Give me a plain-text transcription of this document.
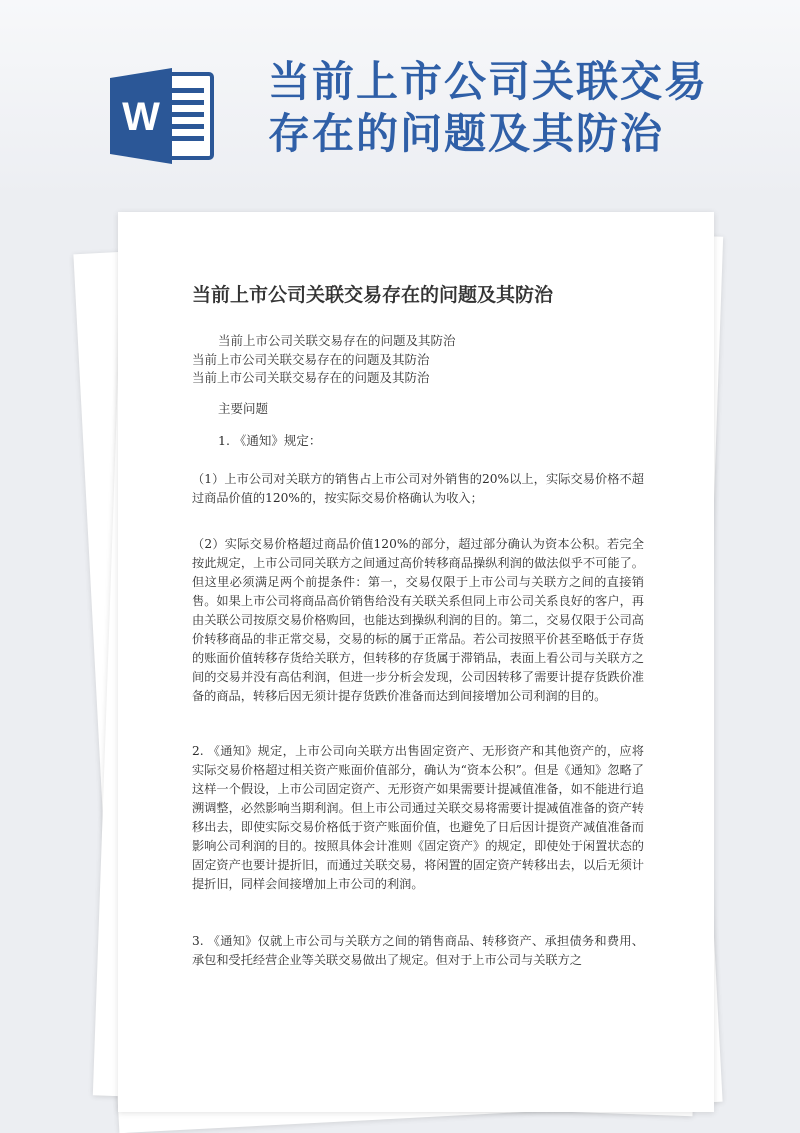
W
当前上市公司关联交易
存在的问题及其防治
当前上市公司关联交易存在的问题及其防治
当前上市公司关联交易存在的问题及其防治
当前上市公司关联交易存在的问题及其防治
当前上市公司关联交易存在的问题及其防治
主要问题
1. 《通知》规定：
（1）上市公司对关联方的销售占上市公司对外销售的20%以上，实际交易价格不超过商品价值的120%的，按实际交易价格确认为收入；
（2）实际交易价格超过商品价值120%的部分，超过部分确认为资本公积。若完全按此规定，上市公司同关联方之间通过高价转移商品操纵利润的做法似乎不可能了。但这里必须满足两个前提条件：第一，交易仅限于上市公司与关联方之间的直接销售。如果上市公司将商品高价销售给没有关联关系但同上市公司关系良好的客户，再由关联公司按原交易价格购回，也能达到操纵利润的目的。第二，交易仅限于公司高价转移商品的非正常交易，交易的标的属于正常品。若公司按照平价甚至略低于存货的账面价值转移存货给关联方，但转移的存货属于滞销品，表面上看公司与关联方之间的交易并没有高估利润，但进一步分析会发现，公司因转移了需要计提存货跌价准备的商品，转移后因无须计提存货跌价准备而达到间接增加公司利润的目的。
2. 《通知》规定，上市公司向关联方出售固定资产、无形资产和其他资产的，应将实际交易价格超过相关资产账面价值部分，确认为“资本公积”。但是《通知》忽略了这样一个假设，上市公司固定资产、无形资产如果需要计提减值准备，如不能进行追溯调整，必然影响当期利润。但上市公司通过关联交易将需要计提减值准备的资产转移出去，即使实际交易价格低于资产账面价值，也避免了日后因计提资产减值准备而影响公司利润的目的。按照具体会计准则《固定资产》的规定，即使处于闲置状态的固定资产也要计提折旧，而通过关联交易，将闲置的固定资产转移出去，以后无须计提折旧，同样会间接增加上市公司的利润。
3. 《通知》仅就上市公司与关联方之间的销售商品、转移资产、承担债务和费用、承包和受托经营企业等关联交易做出了规定。但对于上市公司与关联方之
